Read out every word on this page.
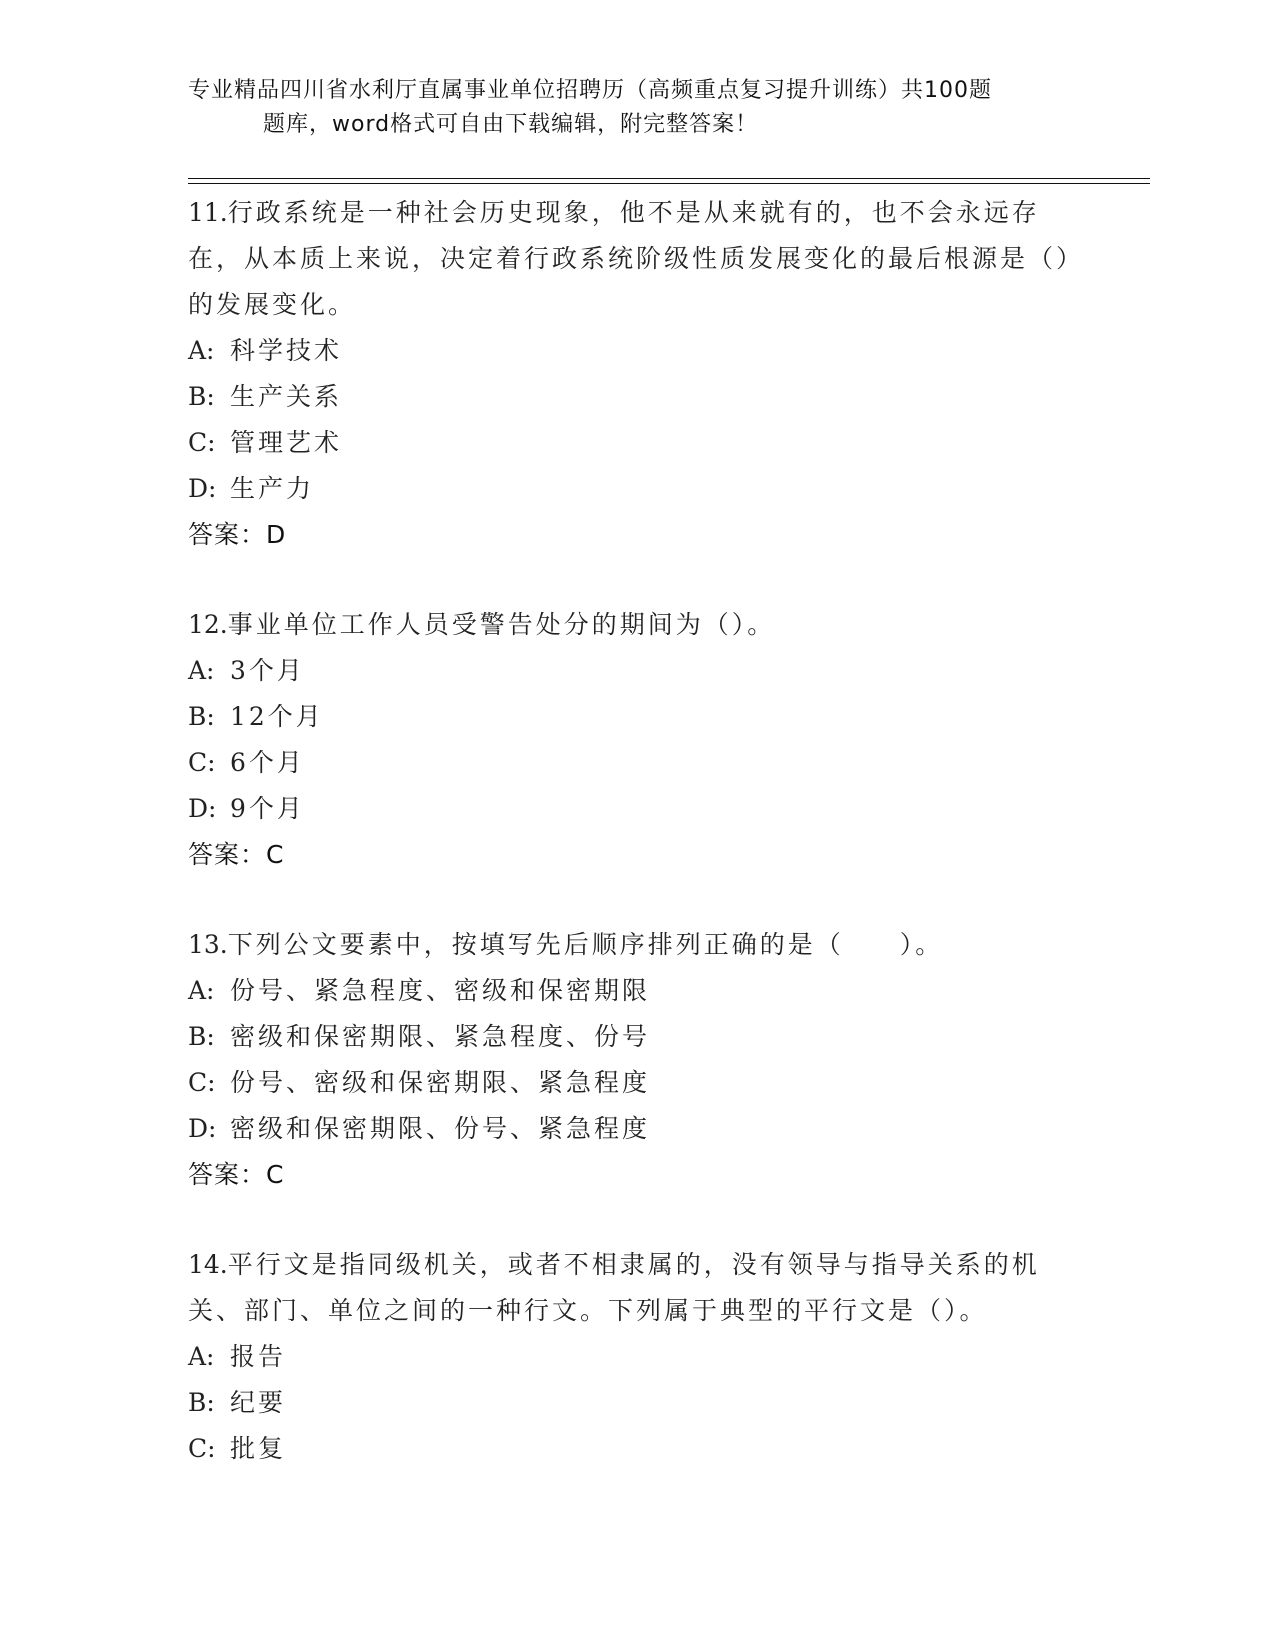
专业精品四川省水利厅直属事业单位招聘历（高频重点复习提升训练）共100题
题库，word格式可自由下载编辑，附完整答案！

11.行政系统是一种社会历史现象，他不是从来就有的，也不会永远存在，从本质上来说，决定着行政系统阶级性质发展变化的最后根源是（）的发展变化。

A: 科学技术

B: 生产关系

C: 管理艺术

D: 生产力

答案：D

12.事业单位工作人员受警告处分的期间为（）。

A: 3个月

B: 12个月

C: 6个月

D: 9个月

答案：C

13.下列公文要素中，按填写先后顺序排列正确的是（　　）。

A: 份号、紧急程度、密级和保密期限

B: 密级和保密期限、紧急程度、份号

C: 份号、密级和保密期限、紧急程度

D: 密级和保密期限、份号、紧急程度

答案：C

14.平行文是指同级机关，或者不相隶属的，没有领导与指导关系的机关、部门、单位之间的一种行文。下列属于典型的平行文是（）。

A: 报告

B: 纪要

C: 批复
